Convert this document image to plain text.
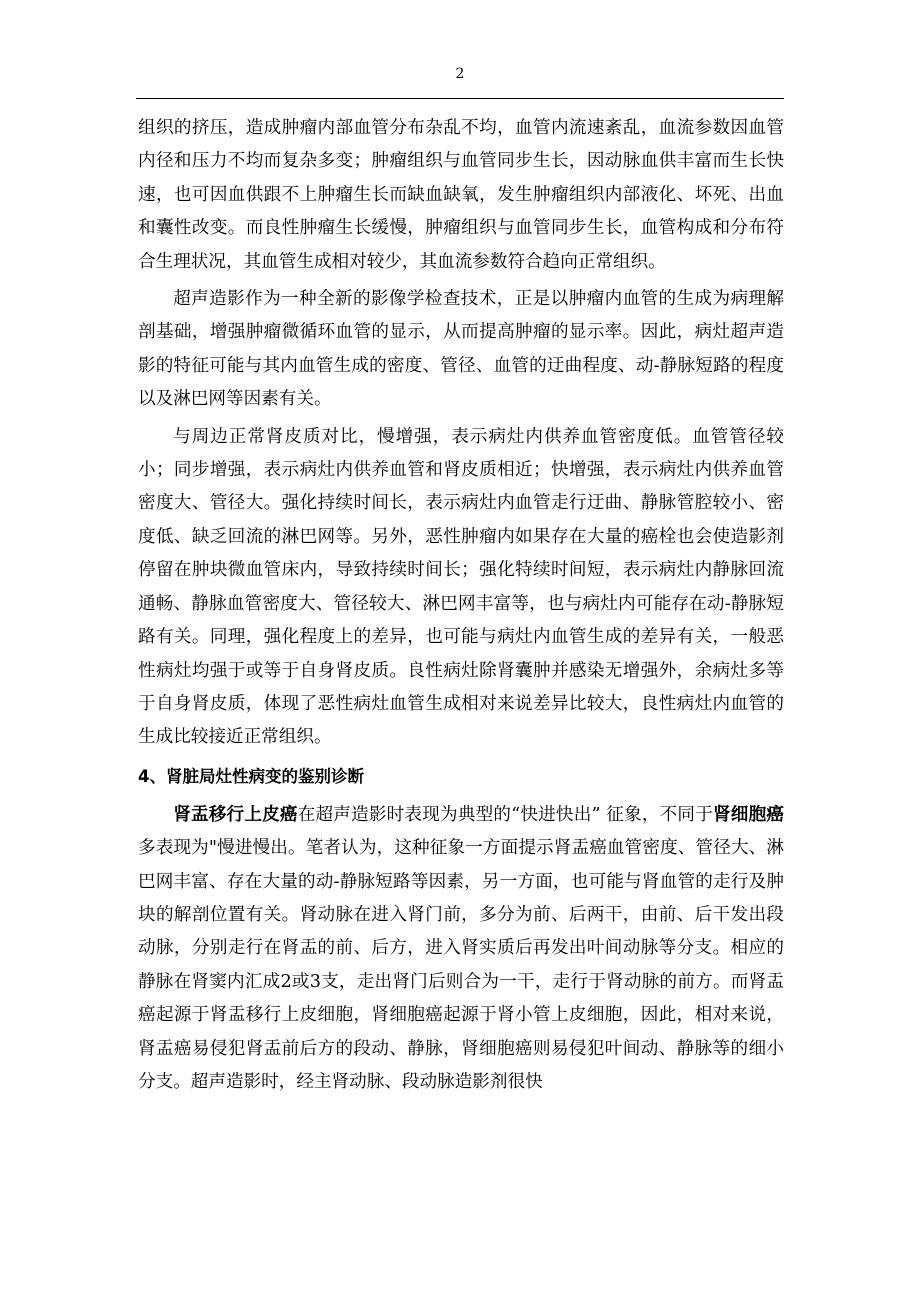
2

组织的挤压，造成肿瘤内部血管分布杂乱不均，血管内流速紊乱，血流参数因血管内径和压力不均而复杂多变；肿瘤组织与血管同步生长，因动脉血供丰富而生长快速，也可因血供跟不上肿瘤生长而缺血缺氧，发生肿瘤组织内部液化、坏死、出血和囊性改变。而良性肿瘤生长缓慢，肿瘤组织与血管同步生长，血管构成和分布符合生理状况，其血管生成相对较少，其血流参数符合趋向正常组织。

超声造影作为一种全新的影像学检查技术，正是以肿瘤内血管的生成为病理解剖基础，增强肿瘤微循环血管的显示，从而提高肿瘤的显示率。因此，病灶超声造影的特征可能与其内血管生成的密度、管径、血管的迂曲程度、动-静脉短路的程度以及淋巴网等因素有关。

与周边正常肾皮质对比，慢增强，表示病灶内供养血管密度低。血管管径较小；同步增强，表示病灶内供养血管和肾皮质相近；快增强，表示病灶内供养血管密度大、管径大。强化持续时间长，表示病灶内血管走行迂曲、静脉管腔较小、密度低、缺乏回流的淋巴网等。另外，恶性肿瘤内如果存在大量的癌栓也会使造影剂停留在肿块微血管床内，导致持续时间长；强化特续时间短，表示病灶内静脉回流通畅、静脉血管密度大、管径较大、淋巴网丰富等，也与病灶内可能存在动-静脉短路有关。同理，强化程度上的差异，也可能与病灶内血管生成的差异有关，一般恶性病灶均强于或等于自身肾皮质。良性病灶除肾囊肿并感染无增强外，余病灶多等于自身肾皮质，体现了恶性病灶血管生成相对来说差异比较大，良性病灶内血管的生成比较接近正常组织。

4、肾脏局灶性病变的鉴别诊断

肾盂移行上皮癌在超声造影时表现为典型的“快进快出” 征象，不同于肾细胞癌多表现为"慢进慢出。笔者认为，这种征象一方面提示肾盂癌血管密度、管径大、淋巴网丰富、存在大量的动-静脉短路等因素，另一方面，也可能与肾血管的走行及肿块的解剖位置有关。肾动脉在进入肾门前，多分为前、后两干，由前、后干发出段动脉，分别走行在肾盂的前、后方，进入肾实质后再发出叶间动脉等分支。相应的静脉在肾窦内汇成2或3支，走出肾门后则合为一干，走行于肾动脉的前方。而肾盂癌起源于肾盂移行上皮细胞，肾细胞癌起源于肾小管上皮细胞，因此，相对来说，肾盂癌易侵犯肾盂前后方的段动、静脉，肾细胞癌则易侵犯叶间动、静脉等的细小分支。超声造影时，经主肾动脉、段动脉造影剂很快
